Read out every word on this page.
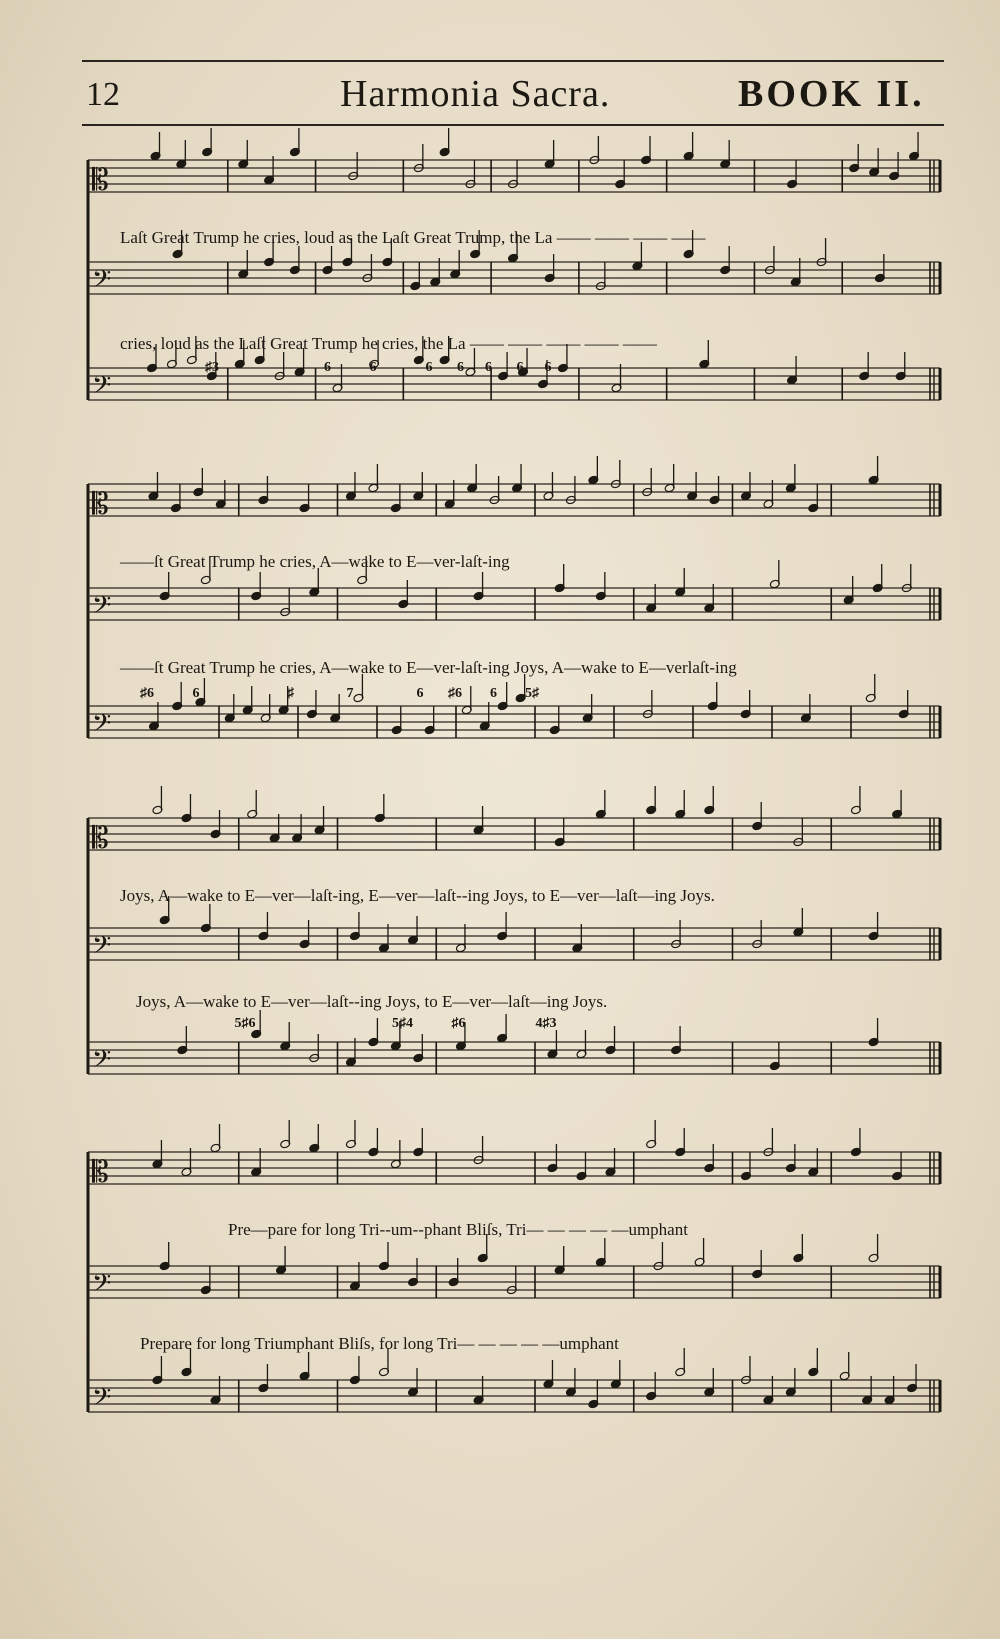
12	Harmonia Sacra.	BOOK II.
𝄡
𝄢
𝄢
𝄡
𝄢
𝄢
𝄡
𝄢
𝄢
𝄡
𝄢
𝄢
Laſt Great Trump he cries, loud as the Laſt Great Trump, the La —— —— —— ——
cries, loud as the Laſt Great Trump he cries, the La —— —— —— —— ——
♯3                              6           6              6       6      6       6      6
——ſt Great Trump he cries, A—wake to E—ver-laſt-ing
——ſt Great Trump he cries, A—wake to E—ver-laſt-ing Joys, A—wake to E—verlaſt-ing
♯6           6                         ♯               7                  6       ♯6        6        5♯
Joys, A—wake to E—ver—laſt-ing, E—ver—laſt--ing Joys, to E—ver—laſt—ing Joys.
Joys, A—wake to E—ver—laſt--ing Joys, to E—ver—laſt—ing Joys.
5♯6                                       5♯4           ♯6                    4♯3
Pre—pare for long Tri--um--phant Bliſs, Tri— — — — —umphant
Prepare for long Triumphant Bliſs, for long Tri— — — — —umphant
